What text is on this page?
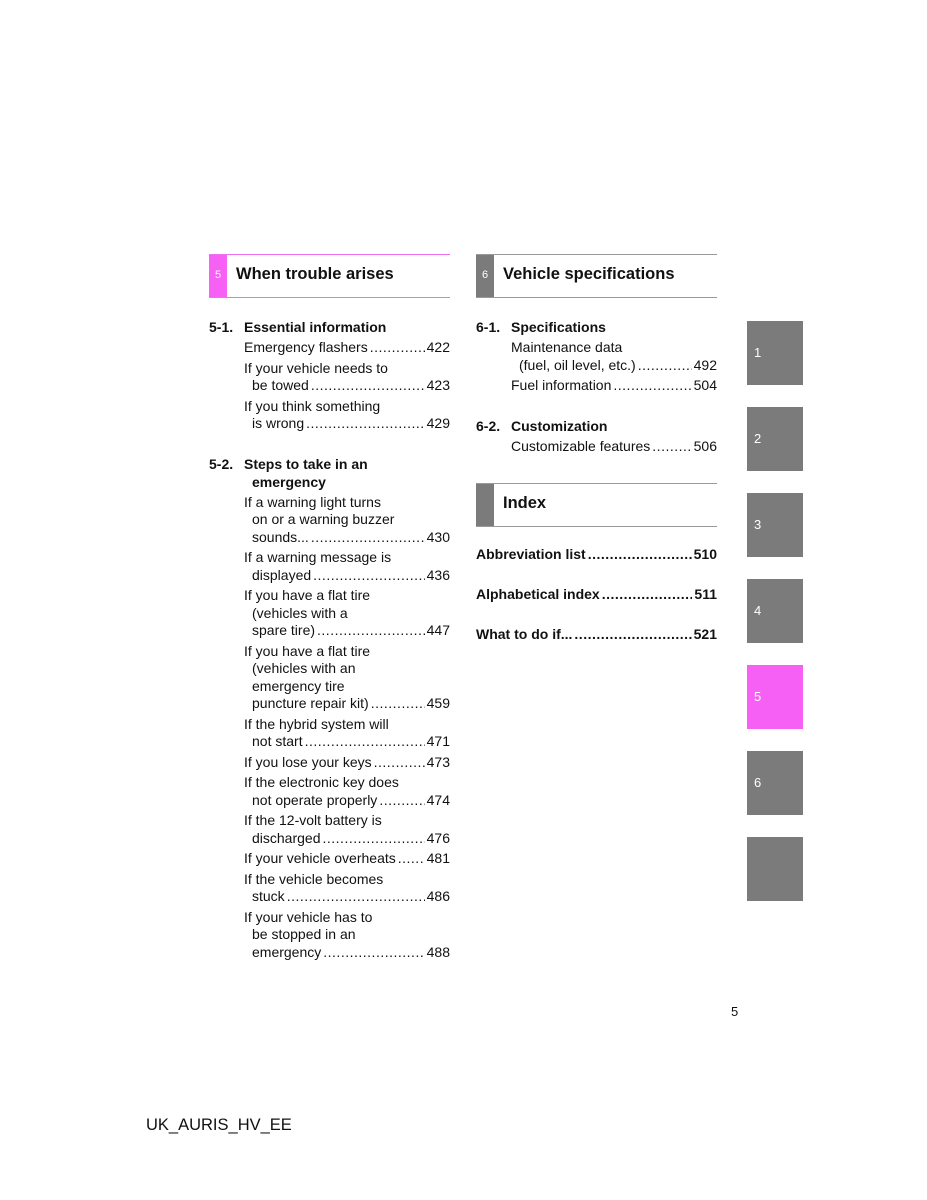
5 When trouble arises
5-1. Essential information
Emergency flashers .....	422
If your vehicle needs to
be towed .....	423
If you think something
is wrong .....	429
5-2. Steps to take in an
emergency
If a warning light turns
on or a warning buzzer
sounds... .....	430
If a warning message is
displayed .....	436
If you have a flat tire
(vehicles with a
spare tire) .....	447
If you have a flat tire
(vehicles with an
emergency tire
puncture repair kit) .....	459
If the hybrid system will
not start .....	471
If you lose your keys .....	473
If the electronic key does
not operate properly .....	474
If the 12-volt battery is
discharged .....	476
If your vehicle overheats ..... 481
If the vehicle becomes
stuck .....	486
If your vehicle has to
be stopped in an
emergency .....	488
6 Vehicle specifications
6-1. Specifications
Maintenance data
(fuel, oil level, etc.) .....	492
Fuel information .....	504
6-2. Customization
Customizable features .....	506
Index
Abbreviation list .....	510
Alphabetical index .....	511
What to do if... .....	521
1
2
3
4
5
6
5
UK_AURIS_HV_EE
